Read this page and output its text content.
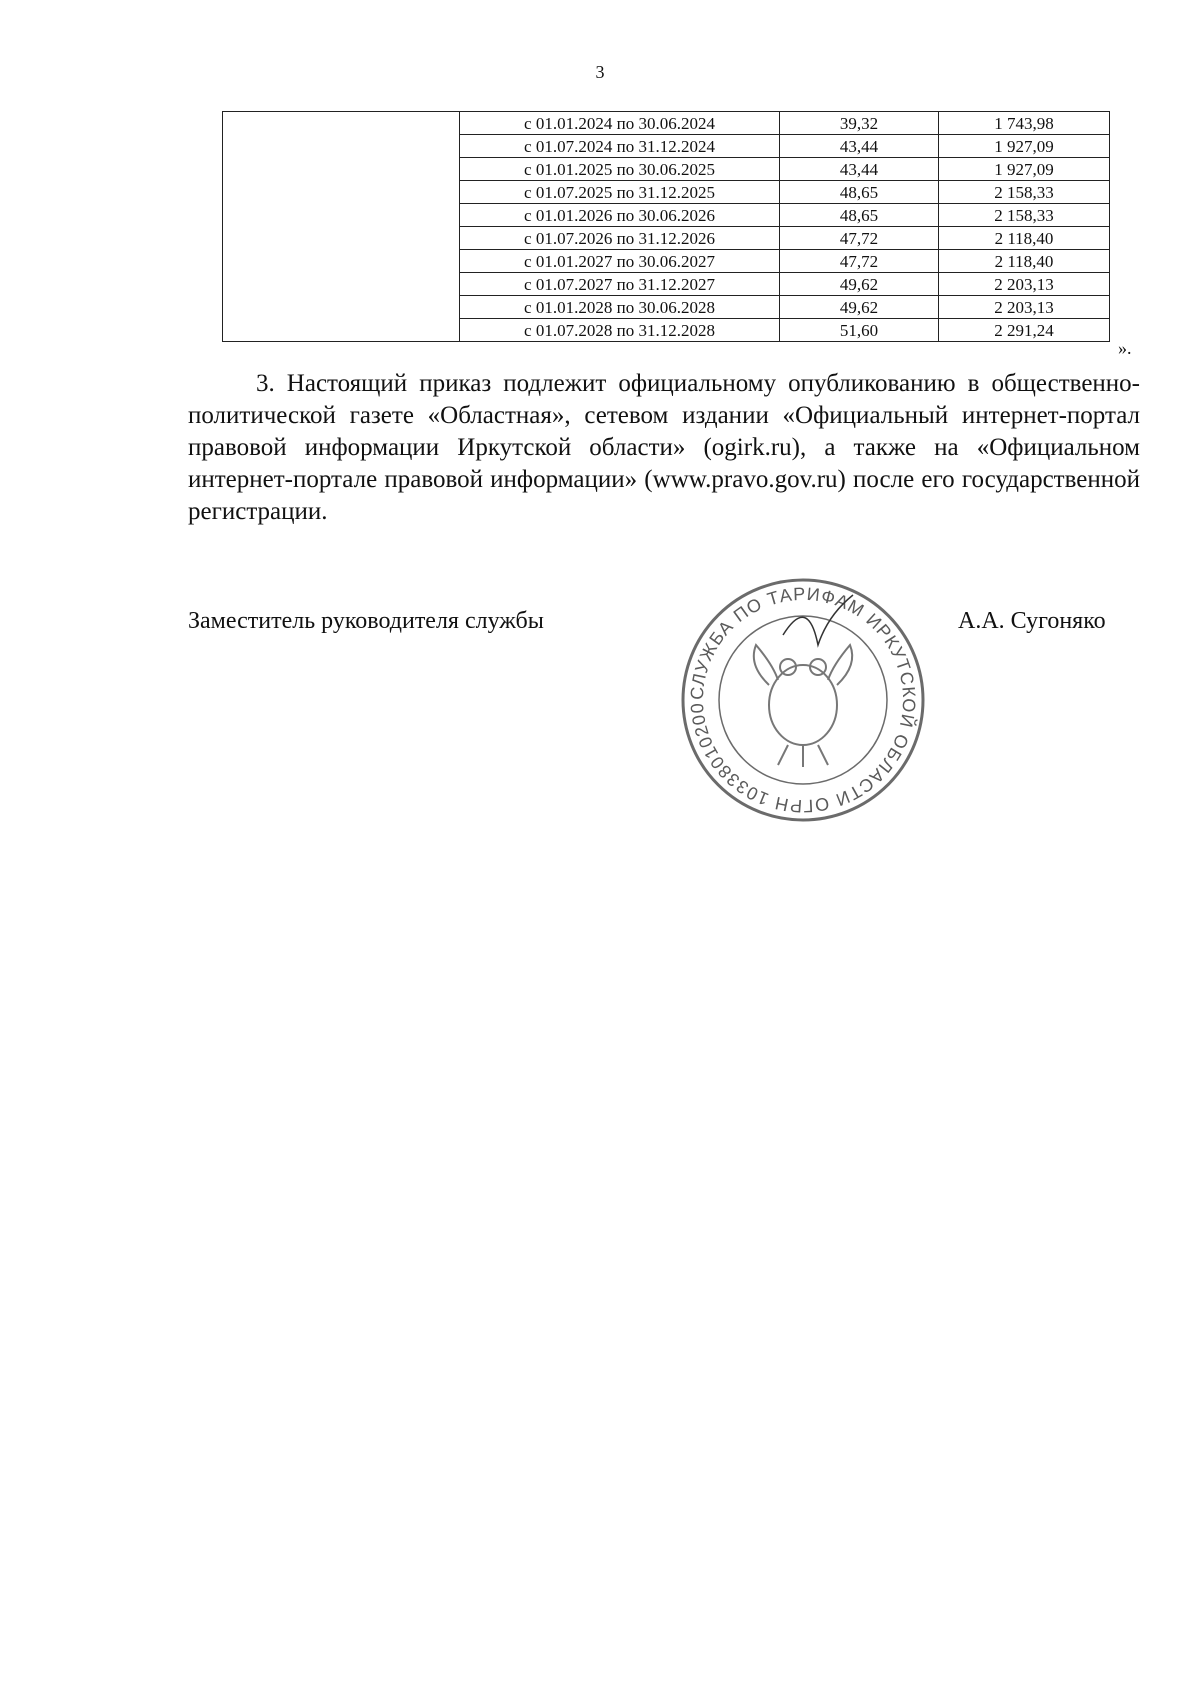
3
	с 01.01.2024 по 30.06.2024	39,32	1 743,98
	с 01.07.2024 по 31.12.2024	43,44	1 927,09
	с 01.01.2025 по 30.06.2025	43,44	1 927,09
	с 01.07.2025 по 31.12.2025	48,65	2 158,33
	с 01.01.2026 по 30.06.2026	48,65	2 158,33
	с 01.07.2026 по 31.12.2026	47,72	2 118,40
	с 01.01.2027 по 30.06.2027	47,72	2 118,40
	с 01.07.2027 по 31.12.2027	49,62	2 203,13
	с 01.01.2028 по 30.06.2028	49,62	2 203,13
	с 01.07.2028 по 31.12.2028	51,60	2 291,24
».

3. Настоящий приказ подлежит официальному опубликованию в общественно-политической газете «Областная», сетевом издании «Официальный интернет-портал правовой информации Иркутской области» (ogirk.ru), а также на «Официальном интернет-портале правовой информации» (www.pravo.gov.ru) после его государственной регистрации.

Заместитель руководителя службы
СЛУЖБА ПО ТАРИФАМ ИРКУТСКОЙ ОБЛАСТИ ОГРН 10338010200
А.А. Сугоняко
